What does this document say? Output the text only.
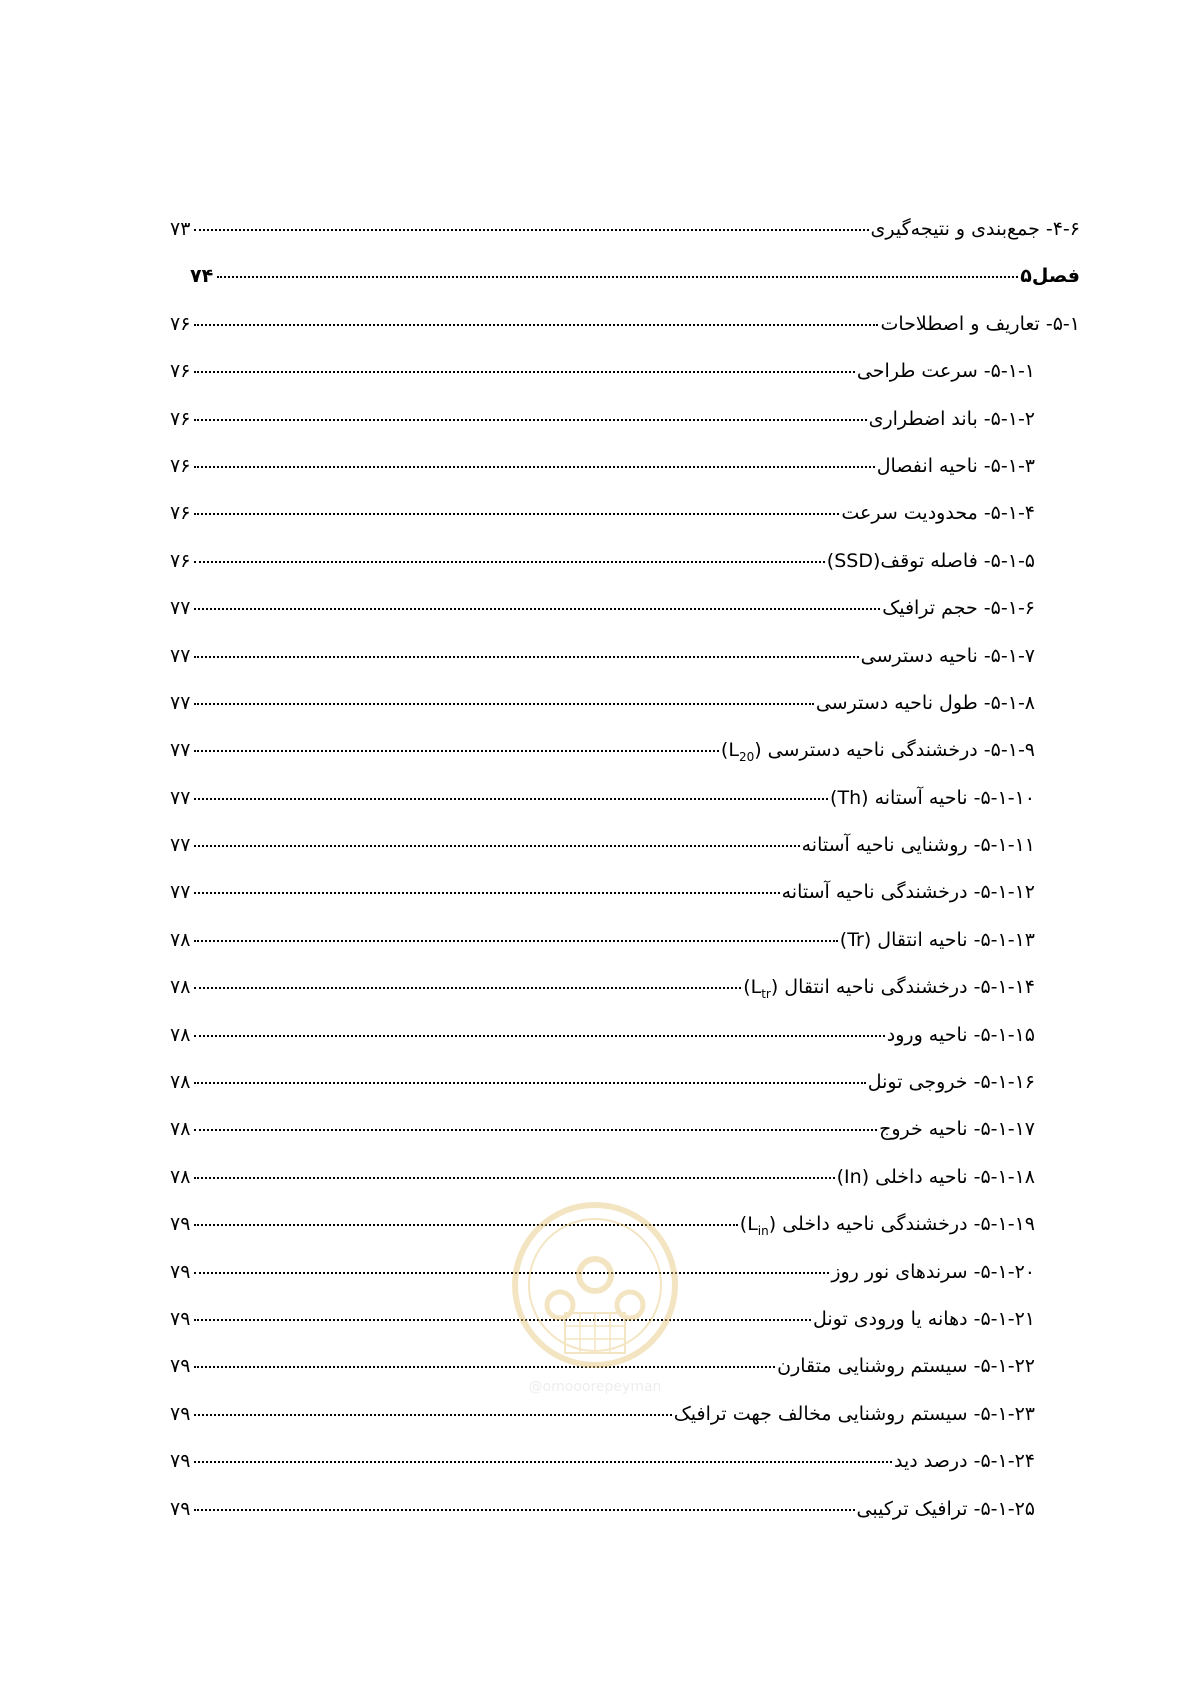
۴-۶- جمع‌بندی و نتیجه‌گیری
۷۳
فصل۵
۷۴
۵-۱- تعاریف و اصطلاحات
۷۶
۵-۱-۱- سرعت طراحی
۷۶
۵-۱-۲- باند اضطراری
۷۶
۵-۱-۳- ناحیه انفصال
۷۶
۵-۱-۴- محدودیت سرعت
۷۶
۵-۱-۵- فاصله توقف(SSD)
۷۶
۵-۱-۶- حجم ترافیک
۷۷
۵-۱-۷- ناحیه دسترسی
۷۷
۵-۱-۸- طول ناحیه دسترسی
۷۷
۵-۱-۹- درخشندگی ناحیه دسترسی $(L_{20})$
۷۷
۵-۱-۱۰- ناحیه آستانه (Th)
۷۷
۵-۱-۱۱- روشنایی ناحیه آستانه
۷۷
۵-۱-۱۲- درخشندگی ناحیه آستانه
۷۷
۵-۱-۱۳- ناحیه انتقال (Tr)
۷۸
۵-۱-۱۴- درخشندگی ناحیه انتقال $(L_{tr})$
۷۸
۵-۱-۱۵- ناحیه ورود
۷۸
۵-۱-۱۶- خروجی تونل
۷۸
۵-۱-۱۷- ناحیه خروج
۷۸
۵-۱-۱۸- ناحیه داخلی (In)
۷۸
۵-۱-۱۹- درخشندگی ناحیه داخلی $(L_{in})$
۷۹
۵-۱-۲۰- سرندهای نور روز
۷۹
۵-۱-۲۱- دهانه یا ورودی تونل
۷۹
۵-۱-۲۲- سیستم روشنایی متقارن
۷۹
۵-۱-۲۳- سیستم روشنایی مخالف جهت ترافیک
۷۹
۵-۱-۲۴- درصد دید
۷۹
۵-۱-۲۵- ترافیک ترکیبی
۷۹
@omooorepeyman
